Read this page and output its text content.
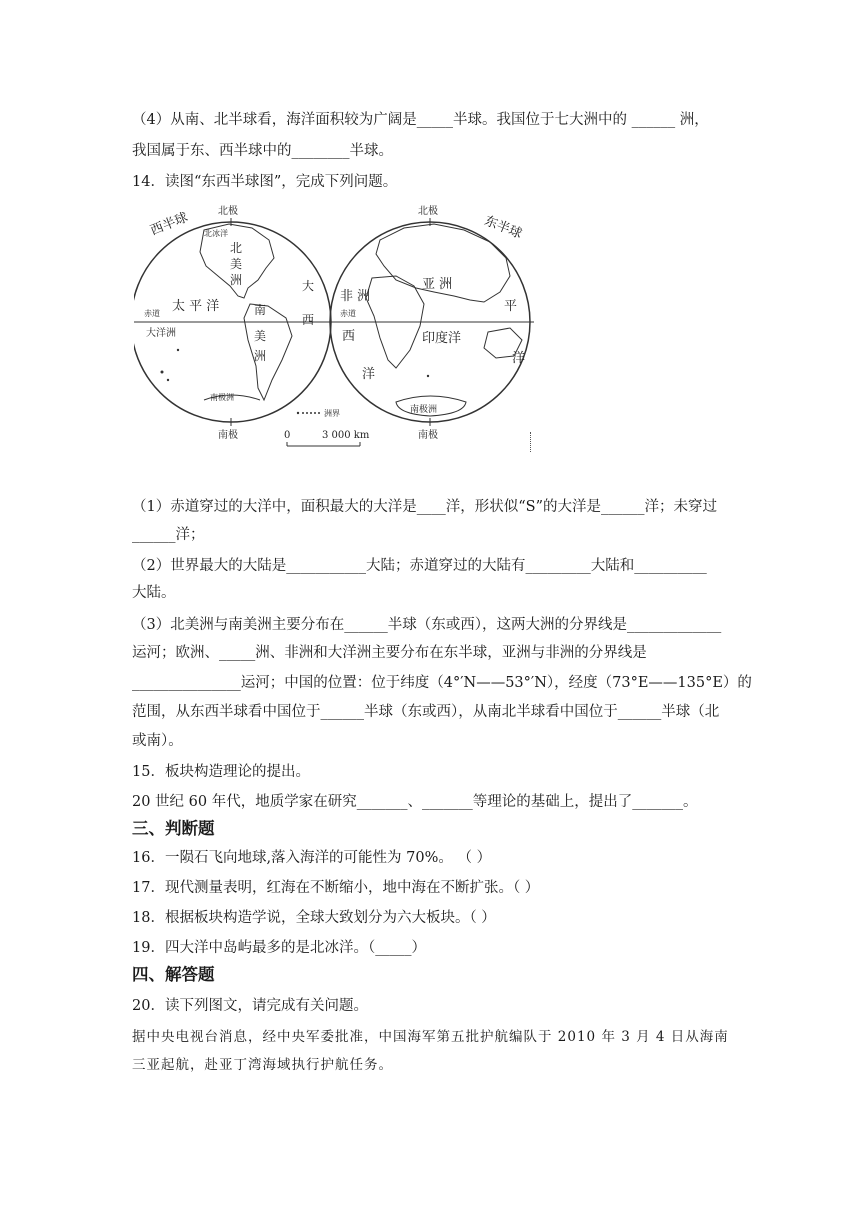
（4）从南、北半球看，海洋面积较为广阔是_____半球。我国位于七大洲中的 ______ 洲，
我国属于东、西半球中的________半球。
14．读图“东西半球图”，完成下列问题。
北极	北极
南极	南极
西半球	东半球
北冰洋
北
美
洲	大
西
南
美
洲
太 平 洋
赤道
大洋洲
南极洲
赤道
非 洲
亚 洲
西
洋
印度洋
平
洋
南极洲
洲界
0	3 000 km
（1）赤道穿过的大洋中，面积最大的大洋是____洋，形状似“S”的大洋是______洋；未穿过
______洋；
（2）世界最大的大陆是___________大陆；赤道穿过的大陆有_________大陆和__________
大陆。
（3）北美洲与南美洲主要分布在______半球（东或西），这两大洲的分界线是_____________
运河；欧洲、_____洲、非洲和大洋洲主要分布在东半球，亚洲与非洲的分界线是
_______________运河；中国的位置：位于纬度（4°′N——53°′N），经度（73°E——135°E）的
范围，从东西半球看中国位于______半球（东或西），从南北半球看中国位于______半球（北
或南）。
15．板块构造理论的提出。
20 世纪 60 年代，地质学家在研究_______、_______等理论的基础上，提出了_______。
三、判断题
16．一陨石飞向地球,落入海洋的可能性为 70%。 （ ）
17．现代测量表明，红海在不断缩小，地中海在不断扩张。（ ）
18．根据板块构造学说，全球大致划分为六大板块。（ ）
19．四大洋中岛屿最多的是北冰洋。（_____）
四、解答题
20．读下列图文，请完成有关问题。
据中央电视台消息，经中央军委批准，中国海军第五批护航编队于 2010 年 3 月 4 日从海南
三亚起航，赴亚丁湾海域执行护航任务。
